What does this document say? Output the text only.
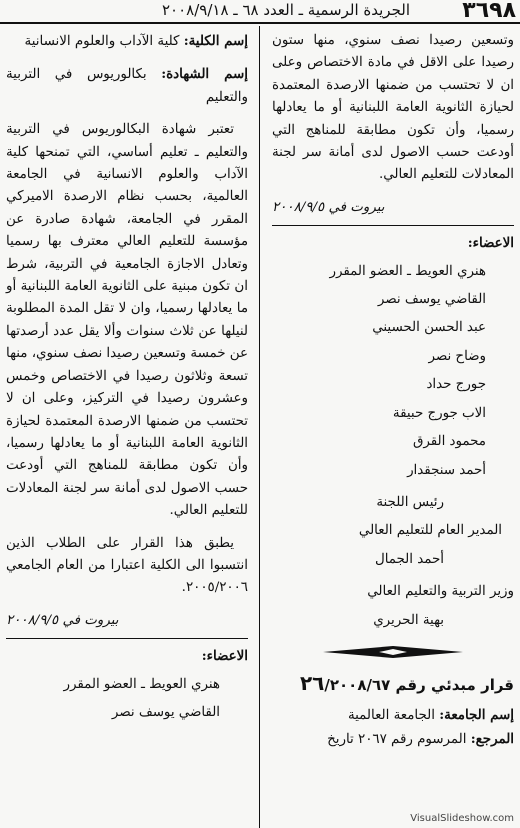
٣٦٩٨
الجريدة الرسمية ـ العدد ٦٨ ـ ٢٠٠٨/٩/١٨

وتسعين رصيدا نصف سنوي، منها ستون رصيدا على الاقل في مادة الاختصاص وعلى ان لا تحتسب من ضمنها الارصدة المعتمدة لحيازة الثانوية العامة اللبنانية أو ما يعادلها رسميا، وأن تكون مطابقة للمناهج التي أودعت حسب الاصول لدى أمانة سر لجنة المعادلات للتعليم العالي.

بيروت في ٢٠٠٨/٩/٥

الاعضاء:

هنري العويط ـ العضو المقرر

القاضي يوسف نصر

عبد الحسن الحسيني

وضاح نصر

جورج حداد

الاب جورج حبيقة

محمود القرق

أحمد سنجقدار

رئيس اللجنة

المدير العام للتعليم العالي

أحمد الجمال

وزير التربية والتعليم العالي

بهية الحريري

قرار مبدئي رقم ٢٦/٢٠٠٨/٦٧

إسم الجامعة: الجامعة العالمية

المرجع: المرسوم رقم ٢٠٦٧ تاريخ

إسم الكلية: كلية الآداب والعلوم الانسانية

إسم الشهادة: بكالوريوس في التربية والتعليم

تعتبر شهادة البكالوريوس في التربية والتعليم ـ تعليم أساسي، التي تمنحها كلية الآداب والعلوم الانسانية في الجامعة العالمية، بحسب نظام الارصدة الاميركي المقرر في الجامعة، شهادة صادرة عن مؤسسة للتعليم العالي معترف بها رسميا وتعادل الاجازة الجامعية في التربية، شرط ان تكون مبنية على الثانوية العامة اللبنانية أو ما يعادلها رسميا، وان لا تقل المدة المطلوبة لنيلها عن ثلاث سنوات وألا يقل عدد أرصدتها عن خمسة وتسعين رصيدا نصف سنوي، منها تسعة وثلاثون رصيدا في الاختصاص وخمس وعشرون رصيدا في التركيز، وعلى ان لا تحتسب من ضمنها الارصدة المعتمدة لحيازة الثانوية العامة اللبنانية أو ما يعادلها رسميا، وأن تكون مطابقة للمناهج التي أودعت حسب الاصول لدى أمانة سر لجنة المعادلات للتعليم العالي.

يطبق هذا القرار على الطلاب الذين انتسبوا الى الكلية اعتبارا من العام الجامعي ٢٠٠٥/٢٠٠٦.

بيروت في ٢٠٠٨/٩/٥

الاعضاء:

هنري العويط ـ العضو المقرر

القاضي يوسف نصر

VisualSlideshow.com
